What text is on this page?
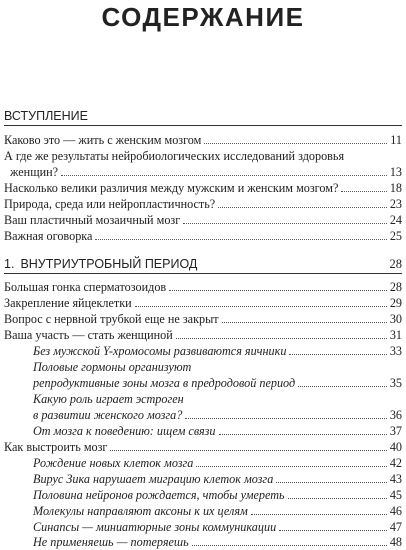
СОДЕРЖАНИЕ
ВСТУПЛЕНИЕ
Каково это — жить с женским мозгом	11
А где же результаты нейробиологических исследований здоровья
женщин?	13
Насколько велики различия между мужским и женским мозгом?	18
Природа, среда или нейропластичность?	23
Ваш пластичный мозаичный мозг	24
Важная оговорка	25
1. ВНУТРИУТРОБНЫЙ ПЕРИОД	28
Большая гонка сперматозоидов	28
Закрепление яйцеклетки	29
Вопрос с нервной трубкой еще не закрыт	30
Ваша участь — стать женщиной	31
Без мужской Y-хромосомы развиваются яичники	33
Половые гормоны организуют
репродуктивные зоны мозга в предродовой период	35
Какую роль играет эстроген
в развитии женского мозга?	36
От мозга к поведению: ищем связи	37
Как выстроить мозг	40
Рождение новых клеток мозга	42
Вирус Зика нарушает миграцию клеток мозга	43
Половина нейронов рождается, чтобы умереть	45
Молекулы направляют аксоны к их целям	46
Синапсы — миниатюрные зоны коммуникации	47
Не применяешь — потеряешь	48
